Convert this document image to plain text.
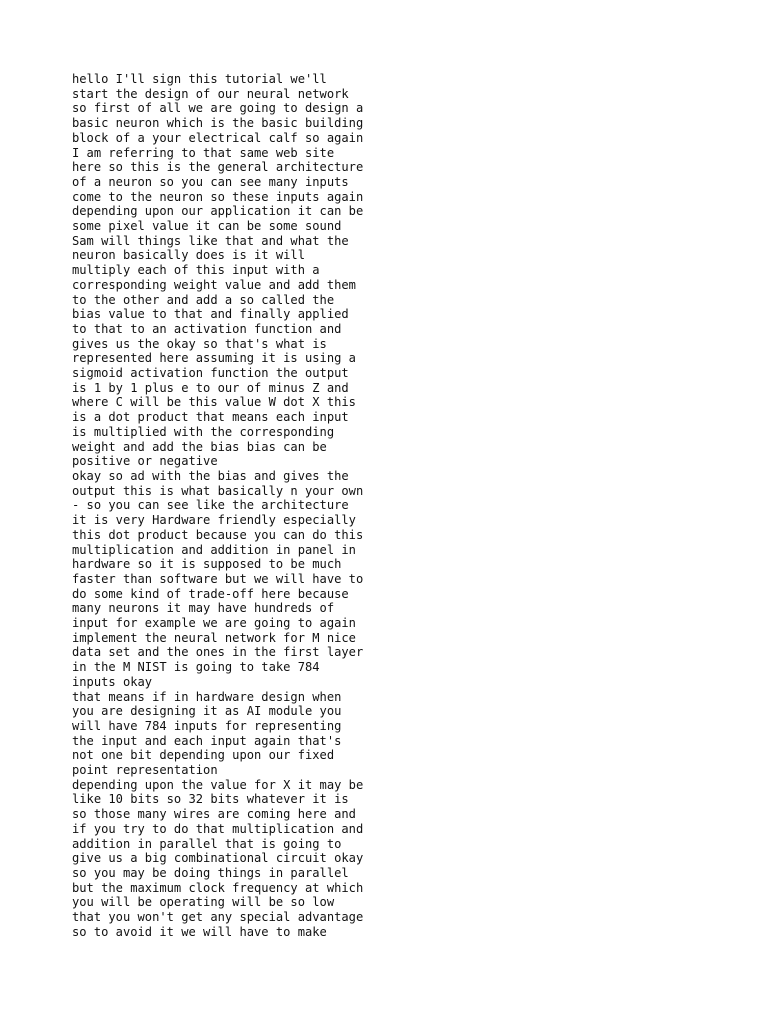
hello I'll sign this tutorial we'll

start the design of our neural network

so first of all we are going to design a

basic neuron which is the basic building

block of a your electrical calf so again

I am referring to that same web site

here so this is the general architecture

of a neuron so you can see many inputs

come to the neuron so these inputs again

depending upon our application it can be

some pixel value it can be some sound

Sam will things like that and what the

neuron basically does is it will

multiply each of this input with a

corresponding weight value and add them

to the other and add a so called the

bias value to that and finally applied

to that to an activation function and

gives us the okay so that's what is

represented here assuming it is using a

sigmoid activation function the output

is 1 by 1 plus e to our of minus Z and

where C will be this value W dot X this

is a dot product that means each input

is multiplied with the corresponding

weight and add the bias bias can be

positive or negative

okay so ad with the bias and gives the

output this is what basically n your own

- so you can see like the architecture

it is very Hardware friendly especially

this dot product because you can do this

multiplication and addition in panel in

hardware so it is supposed to be much

faster than software but we will have to

do some kind of trade-off here because

many neurons it may have hundreds of

input for example we are going to again

implement the neural network for M nice

data set and the ones in the first layer

in the M NIST is going to take 784

inputs okay

that means if in hardware design when

you are designing it as AI module you

will have 784 inputs for representing

the input and each input again that's

not one bit depending upon our fixed

point representation

depending upon the value for X it may be

like 10 bits so 32 bits whatever it is

so those many wires are coming here and

if you try to do that multiplication and

addition in parallel that is going to

give us a big combinational circuit okay

so you may be doing things in parallel

but the maximum clock frequency at which

you will be operating will be so low

that you won't get any special advantage

so to avoid it we will have to make
